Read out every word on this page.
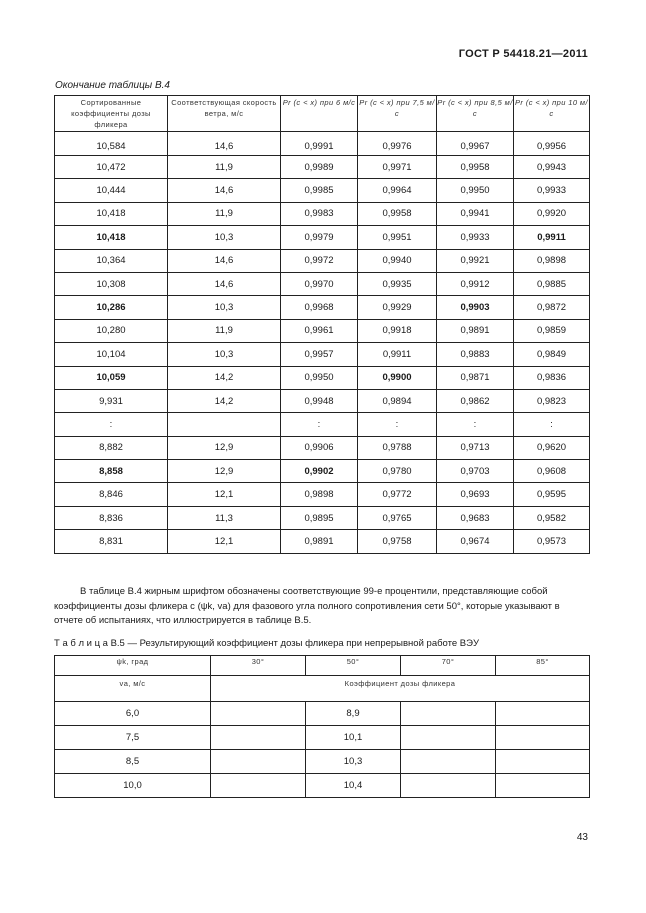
ГОСТ Р 54418.21—2011
Окончание таблицы В.4
Сортированные коэффициенты дозы фликера	Соответствующая скорость ветра, м/с	Pr (c < x) при 6 м/с	Pr (c < x) при 7,5 м/с	Pr (c < x) при 8,5 м/с	Pr (c < x) при 10 м/с
10,584	14,6	0,9991	0,9976	0,9967	0,9956
10,472	11,9	0,9989	0,9971	0,9958	0,9943
10,444	14,6	0,9985	0,9964	0,9950	0,9933
10,418	11,9	0,9983	0,9958	0,9941	0,9920
10,418	10,3	0,9979	0,9951	0,9933	0,9911
10,364	14,6	0,9972	0,9940	0,9921	0,9898
10,308	14,6	0,9970	0,9935	0,9912	0,9885
10,286	10,3	0,9968	0,9929	0,9903	0,9872
10,280	11,9	0,9961	0,9918	0,9891	0,9859
10,104	10,3	0,9957	0,9911	0,9883	0,9849
10,059	14,2	0,9950	0,9900	0,9871	0,9836
9,931	14,2	0,9948	0,9894	0,9862	0,9823
:		:	:	:	:
8,882	12,9	0,9906	0,9788	0,9713	0,9620
8,858	12,9	0,9902	0,9780	0,9703	0,9608
8,846	12,1	0,9898	0,9772	0,9693	0,9595
8,836	11,3	0,9895	0,9765	0,9683	0,9582
8,831	12,1	0,9891	0,9758	0,9674	0,9573

В таблице В.4 жирным шрифтом обозначены соответствующие 99-е процентили, представляющие собой

коэффициенты дозы фликера с (ψk, va) для фазового угла полного сопротивления сети 50°, которые указывают в

отчете об испытаниях, что иллюстрируется в таблице В.5.

Т а б л и ц а В.5 — Результирующий коэффициент дозы фликера при непрерывной работе ВЭУ
ψk, град	30°	50°	70°	85°
va, м/с	Коэффициент дозы фликера			
6,0		8,9		
7,5		10,1		
8,5		10,3		
10,0		10,4		
43
